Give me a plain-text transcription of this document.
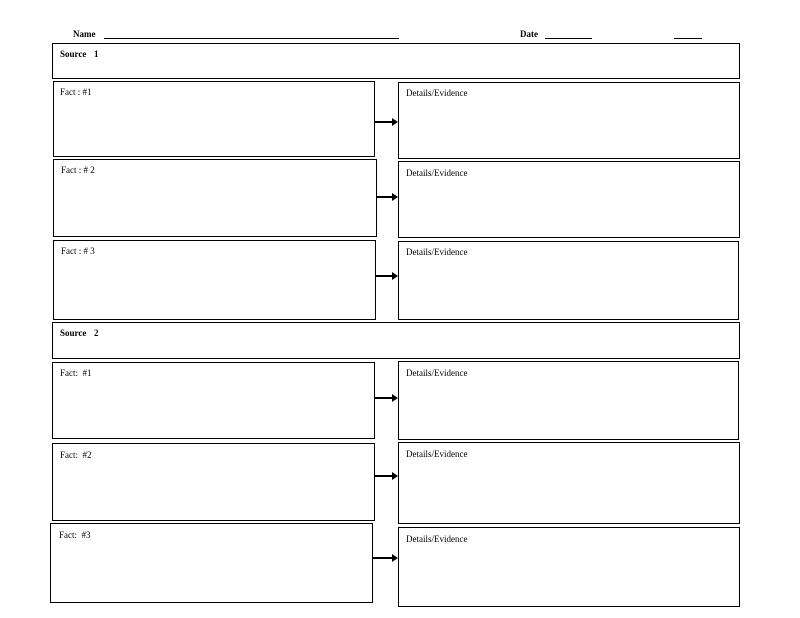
Name	Date
Source 1
Fact : #1	Details/Evidence
Fact : # 2	Details/Evidence
Fact : # 3	Details/Evidence
Source 2
Fact:  #1	Details/Evidence
Fact:  #2	Details/Evidence
Fact:  #3	Details/Evidence
